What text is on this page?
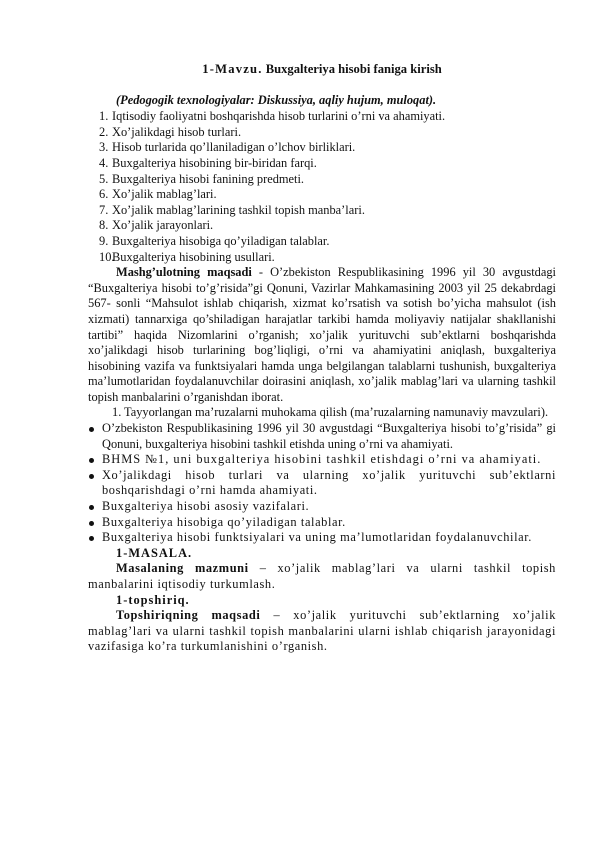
1-Mavzu. Buxgalteriya hisobi faniga kirish

(Pedogogik texnologiyalar: Diskussiya, aqliy hujum, muloqat).

1. Iqtisodiy faoliyatni boshqarishda hisob turlarini o’rni va ahamiyati.
2. Xo’jalikdagi hisob turlari.
3. Hisob turlarida qo’llaniladigan o’lchov birliklari.
4. Buxgalteriya hisobining bir-biridan farqi.
5. Buxgalteriya hisobi fanining predmeti.
6. Xo’jalik mablag’lari.
7. Xo’jalik mablag’larining tashkil topish manba’lari.
8. Xo’jalik jarayonlari.
9. Buxgalteriya hisobiga qo’yiladigan talablar.
10.
Buxgalteriya hisobining usullari.

Mashg’ulotning maqsadi - O’zbekiston Respublikasining 1996 yil 30 avgustdagi “Buxgalteriya hisobi to’g’risida”gi Qonuni, Vazirlar Mahkamasining 2003 yil 25 dekabrdagi 567- sonli “Mahsulot ishlab chiqarish, xizmat ko’rsatish va sotish bo’yicha mahsulot (ish xizmati) tannarxiga qo’shiladigan harajatlar tarkibi hamda moliyaviy natijalar shakllanishi tartibi” haqida Nizomlarini o’rganish; xo’jalik yurituvchi sub’ektlarni boshqarishda xo’jalikdagi hisob turlarining bog’liqligi, o’rni va ahamiyatini aniqlash, buxgalteriya hisobining vazifa va funktsiyalari hamda unga belgilangan talablarni tushunish, buxgalteriya ma’lumotlaridan foydalanuvchilar doirasini aniqlash, xo’jalik mablag’lari va ularning tashkil topish manbalarini o’rganishdan iborat.

1. Tayyorlangan ma’ruzalarni muhokama qilish (ma’ruzalarning namunaviy mavzulari).
O’zbekiston Respublikasining 1996 yil 30 avgustdagi “Buxgalteriya hisobi to’g’risida” gi Qonuni, buxgalteriya hisobini tashkil etishda uning o’rni va ahamiyati.
BHMS №1, uni buxgalteriya hisobini tashkil etishdagi o’rni va ahamiyati.
Xo’jalikdagi hisob turlari va ularning xo’jalik yurituvchi sub’ektlarni boshqarishdagi o’rni hamda ahamiyati.
Buxgalteriya hisobi asosiy vazifalari.
Buxgalteriya hisobiga qo’yiladigan talablar.
Buxgalteriya hisobi funktsiyalari va uning ma’lumotlaridan foydalanuvchilar.

1-MASALA.

Masalaning mazmuni – xo’jalik mablag’lari va ularni tashkil topish manbalarini iqtisodiy turkumlash.

1-topshiriq.

Topshiriqning maqsadi – xo’jalik yurituvchi sub’ektlarning xo’jalik mablag’lari va ularni tashkil topish manbalarini ularni ishlab chiqarish jarayonidagi vazifasiga ko’ra turkumlanishini o’rganish.
